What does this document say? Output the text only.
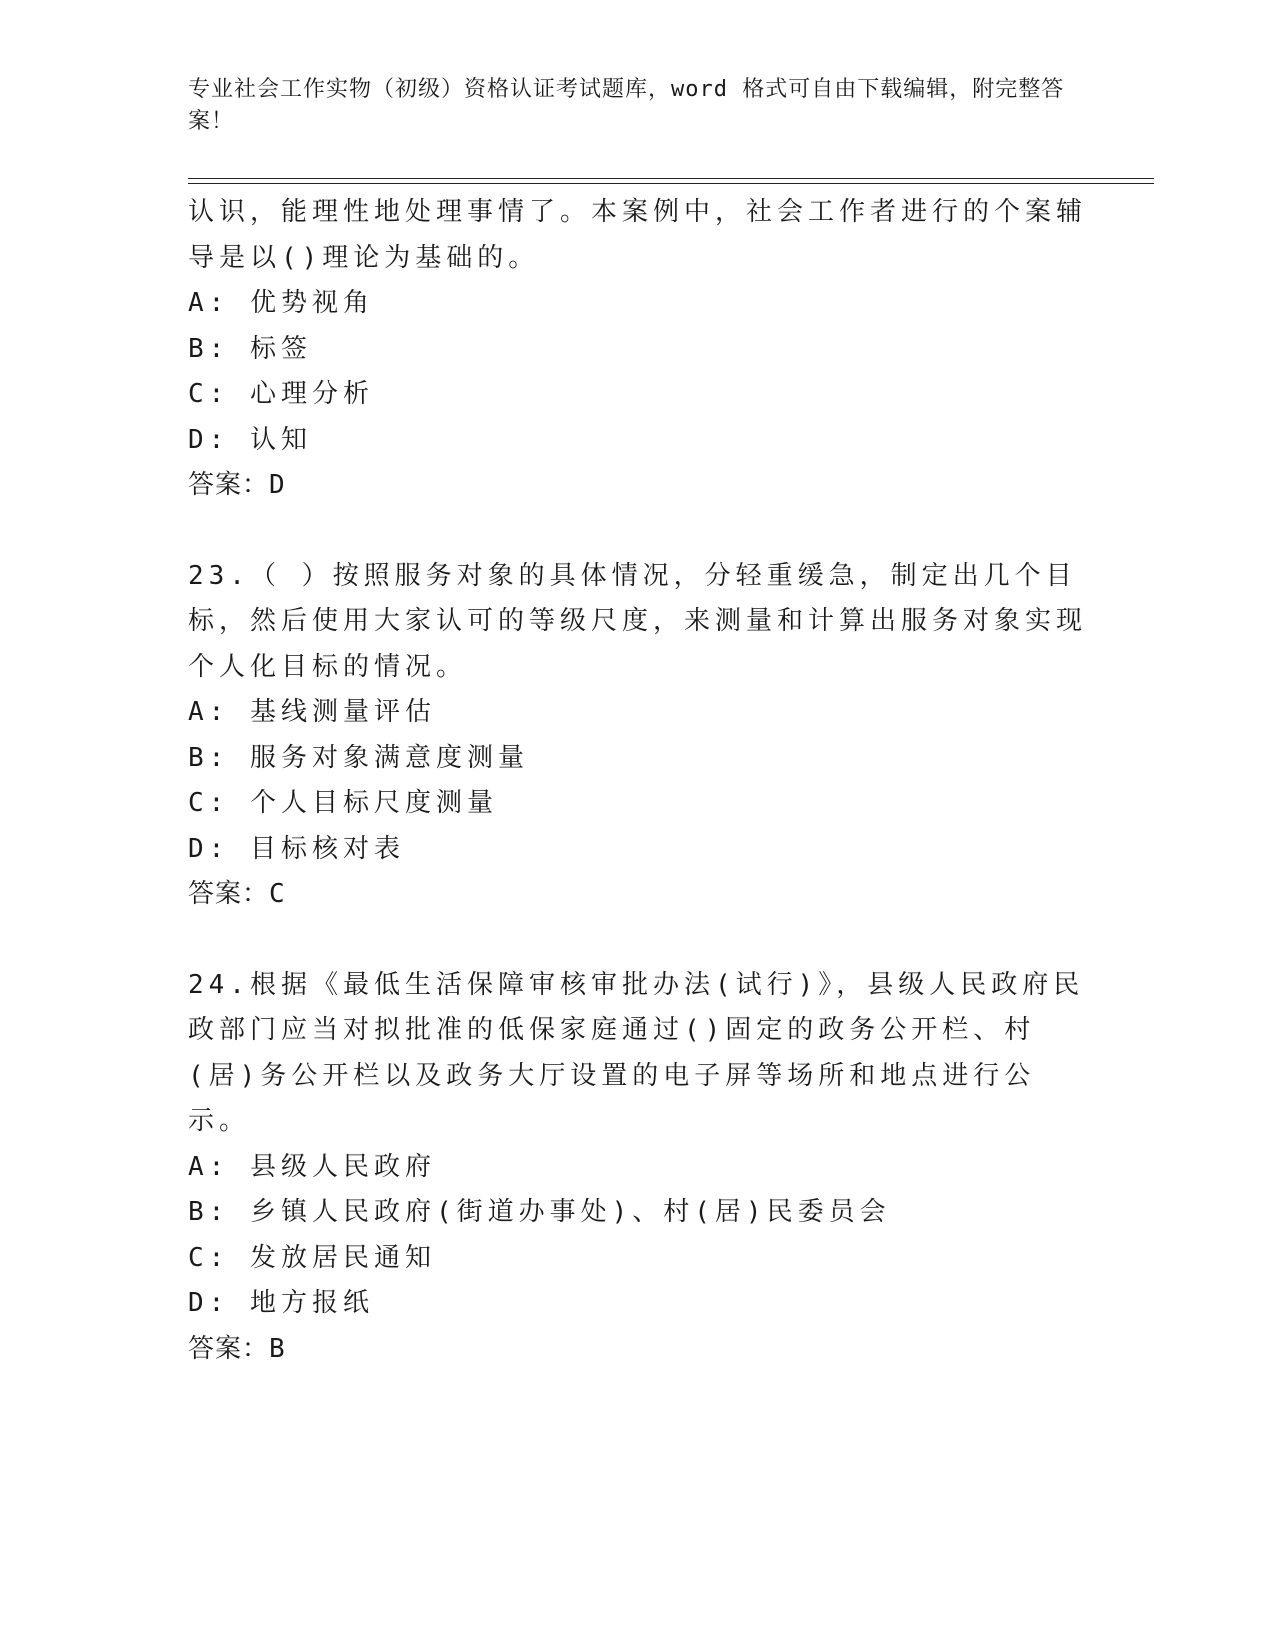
专业社会工作实物（初级）资格认证考试题库，word 格式可自由下载编辑，附完整答案！

认识，能理性地处理事情了。本案例中，社会工作者进行的个案辅导是以()理论为基础的。

A: 优势视角

B: 标签

C: 心理分析

D: 认知

答案：D

23.（ ）按照服务对象的具体情况，分轻重缓急，制定出几个目标，然后使用大家认可的等级尺度，来测量和计算出服务对象实现个人化目标的情况。

A: 基线测量评估

B: 服务对象满意度测量

C: 个人目标尺度测量

D: 目标核对表

答案：C

24.根据《最低生活保障审核审批办法(试行)》，县级人民政府民政部门应当对拟批准的低保家庭通过()固定的政务公开栏、村(居)务公开栏以及政务大厅设置的电子屏等场所和地点进行公示。

A: 县级人民政府

B: 乡镇人民政府(街道办事处)、村(居)民委员会

C: 发放居民通知

D: 地方报纸

答案：B
